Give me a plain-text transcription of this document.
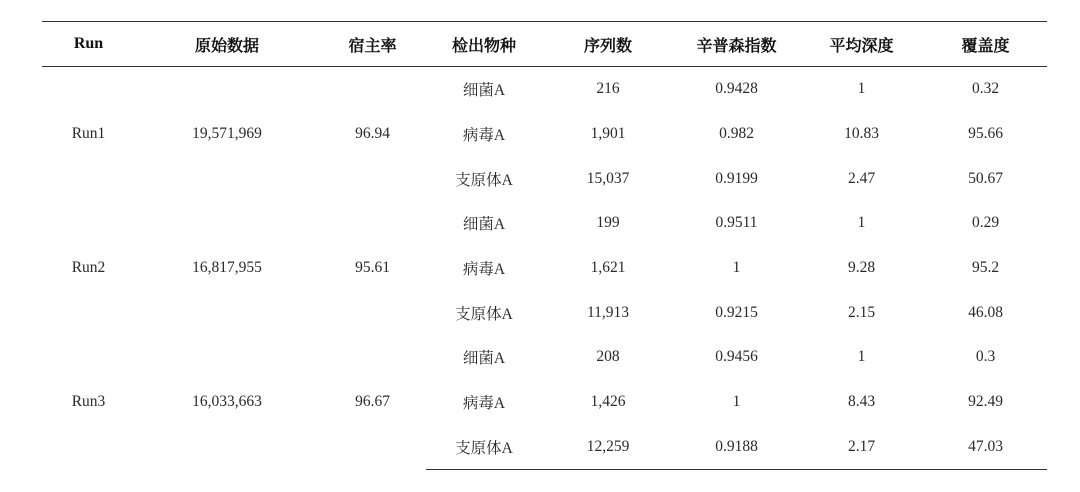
Run	原始数据	宿主率	检出物种	序列数	辛普森指数	平均深度	覆盖度
Run1	19,571,969	96.94	细菌A	216	0.9428	1	0.32
			病毒A	1,901	0.982	10.83	95.66
			支原体A	15,037	0.9199	2.47	50.67
Run2	16,817,955	95.61	细菌A	199	0.9511	1	0.29
			病毒A	1,621	1	9.28	95.2
			支原体A	11,913	0.9215	2.15	46.08
Run3	16,033,663	96.67	细菌A	208	0.9456	1	0.3
			病毒A	1,426	1	8.43	92.49
			支原体A	12,259	0.9188	2.17	47.03
